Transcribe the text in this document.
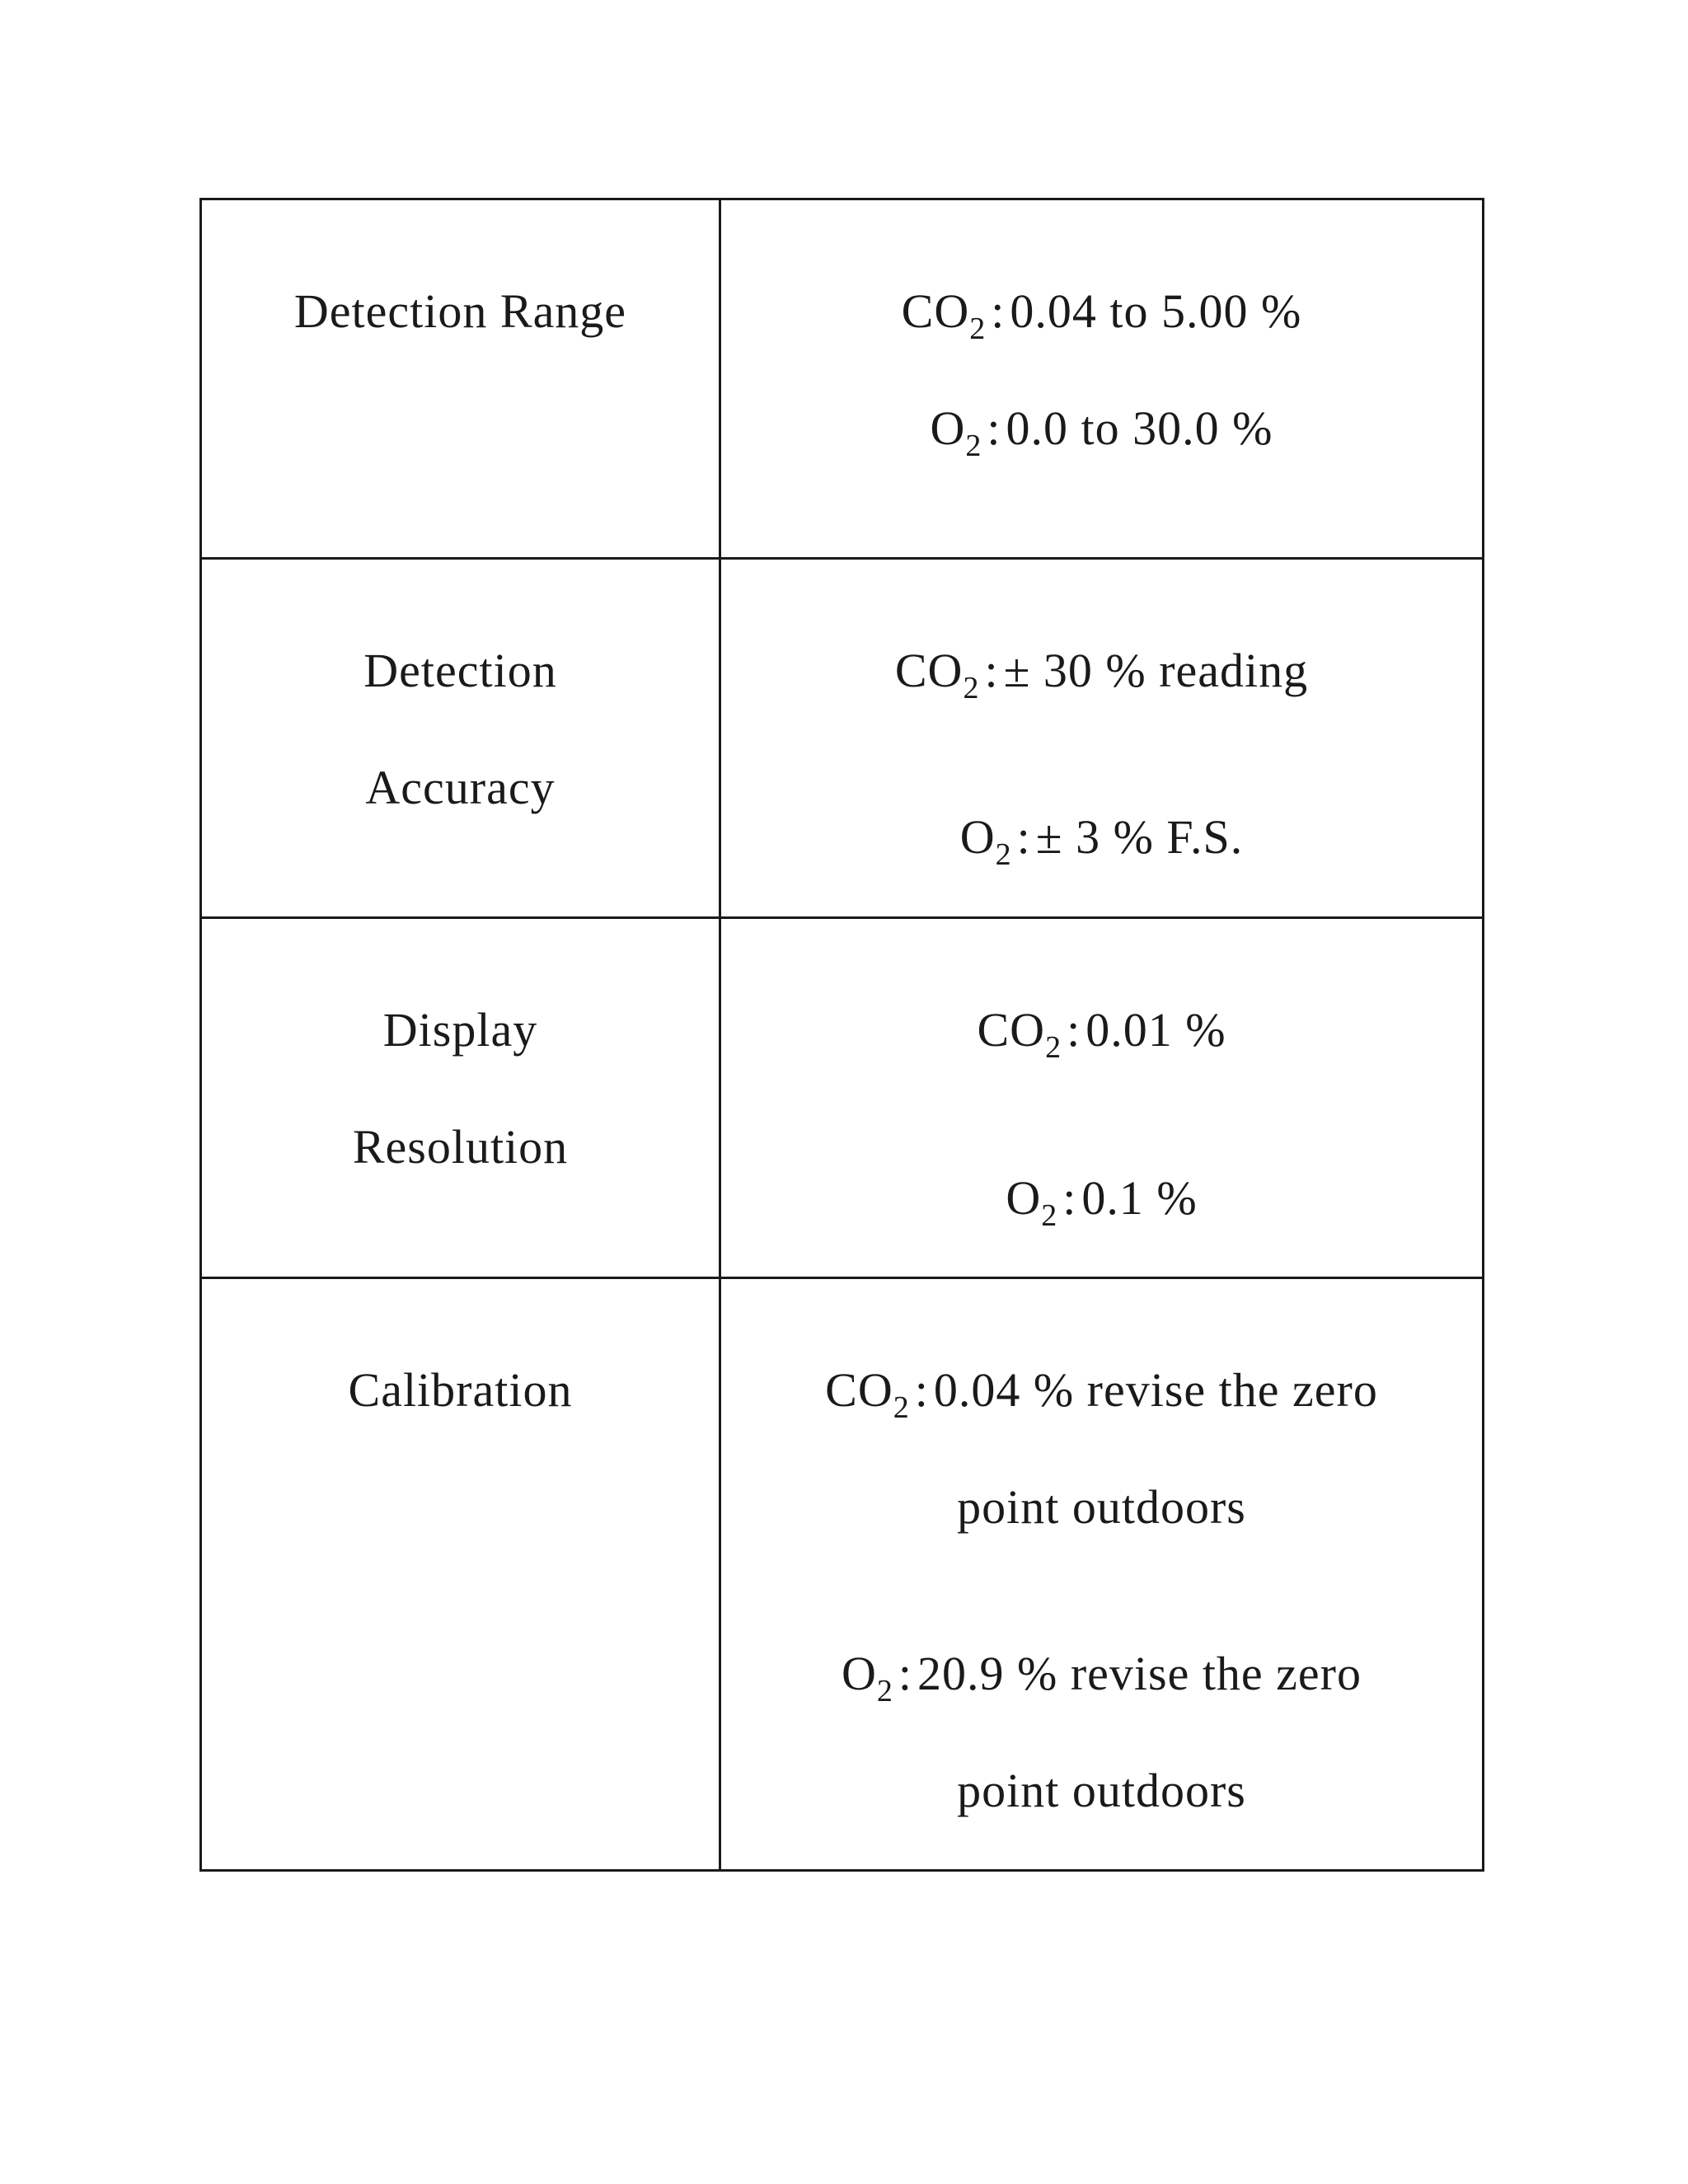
Detection Range	$CO_2$ : 0.04 to 5.00 %
$O_2$ : 0.0 to 30.0 %

Detection
Accuracy	$CO_2$ : ± 30 % reading
$O_2$ : ± 3 % F.S.

Display
Resolution	$CO_2$ : 0.01 %
$O_2$ : 0.1 %

Calibration	$CO_2$ : 0.04 % revise the zero
point outdoors
$O_2$ : 20.9 % revise the zero
point outdoors
